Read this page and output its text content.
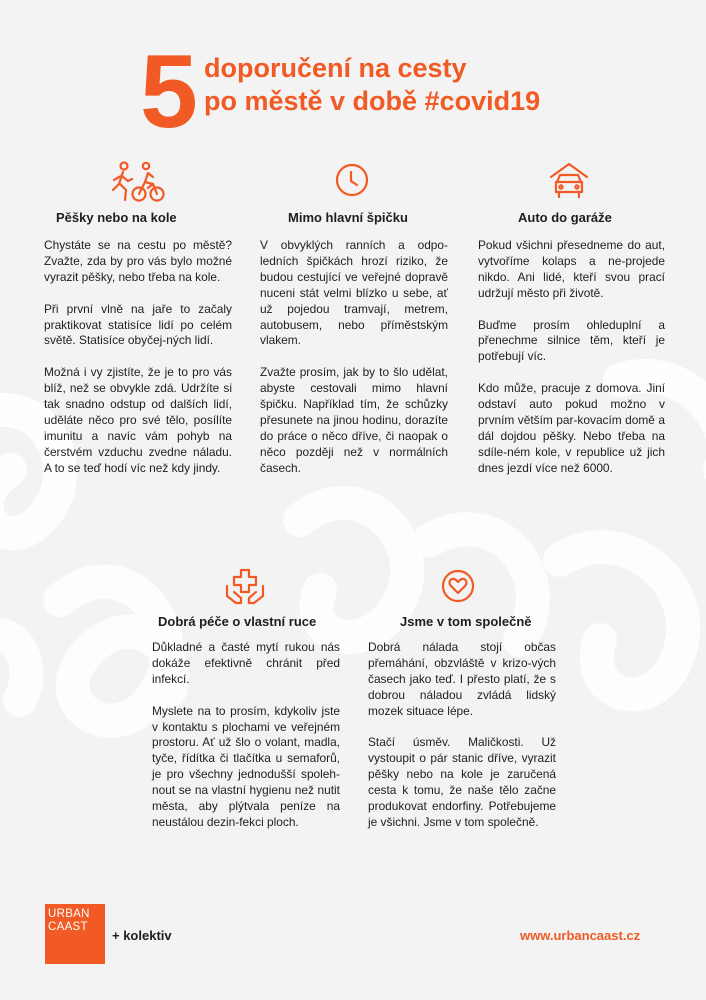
5 doporučení na cesty
po městě v době #covid19
Pěšky nebo na kole

Chystáte se na cestu po městě? Zvažte, zda by pro vás bylo možné vyrazit pěšky, nebo třeba na kole.

Při první vlně na jaře to začaly praktikovat statisíce lidí po celém světě. Statisíce obyčej-ných lidí.

Možná i vy zjistíte, že je to pro vás blíž, než se obvykle zdá. Udržíte si tak snadno odstup od dalších lidí, uděláte něco pro své tělo, posílíte imunitu a navíc vám pohyb na čerstvém vzduchu zvedne náladu. A to se teď hodí víc než kdy jindy.

Mimo hlavní špičku

V obvyklých ranních a odpo-ledních špičkách hrozí riziko, že budou cestující ve veřejné dopravě nuceni stát velmi blízko u sebe, ať už pojedou tramvají, metrem, autobusem, nebo příměstským vlakem.

Zvažte prosím, jak by to šlo udělat, abyste cestovali mimo hlavní špičku. Například tím, že schůzky přesunete na jinou hodinu, dorazíte do práce o něco dříve, či naopak o něco později než v normálních časech.

Auto do garáže

Pokud všichni přesedneme do aut, vytvoříme kolaps a ne-projede nikdo. Ani lidé, kteří svou prací udržují město při životě.

Buďme prosím ohleduplní a přenechme silnice těm, kteří je potřebují víc.

Kdo může, pracuje z domova. Jiní odstaví auto pokud možno v prvním větším par-kovacím domě a dál dojdou pěšky. Nebo třeba na sdíle-ném kole, v republice už jich dnes jezdí více než 6000.

Dobrá péče o vlastní ruce

Důkladné a časté mytí rukou nás dokáže efektivně chránit před infekcí.

Myslete na to prosím, kdykoliv jste v kontaktu s plochami ve veřejném prostoru. Ať už šlo o volant, madla, tyče, řídítka či tlačítka u semaforů, je pro všechny jednodušší spoleh-nout se na vlastní hygienu než nutit města, aby plýtvala peníze na neustálou dezin-fekci ploch.

Jsme v tom společně

Dobrá nálada stojí občas přemáhání, obzvláště v krizo-vých časech jako teď. I přesto platí, že s dobrou náladou zvládá lidský mozek situace lépe.

Stačí úsměv. Maličkosti. Už vystoupit o pár stanic dříve, vyrazit pěšky nebo na kole je zaručená cesta k tomu, že naše tělo začne produkovat endorfiny. Potřebujeme je všichni. Jsme v tom společně.

URBAN
CAAST
+ kolektiv	www.urbancaast.cz
